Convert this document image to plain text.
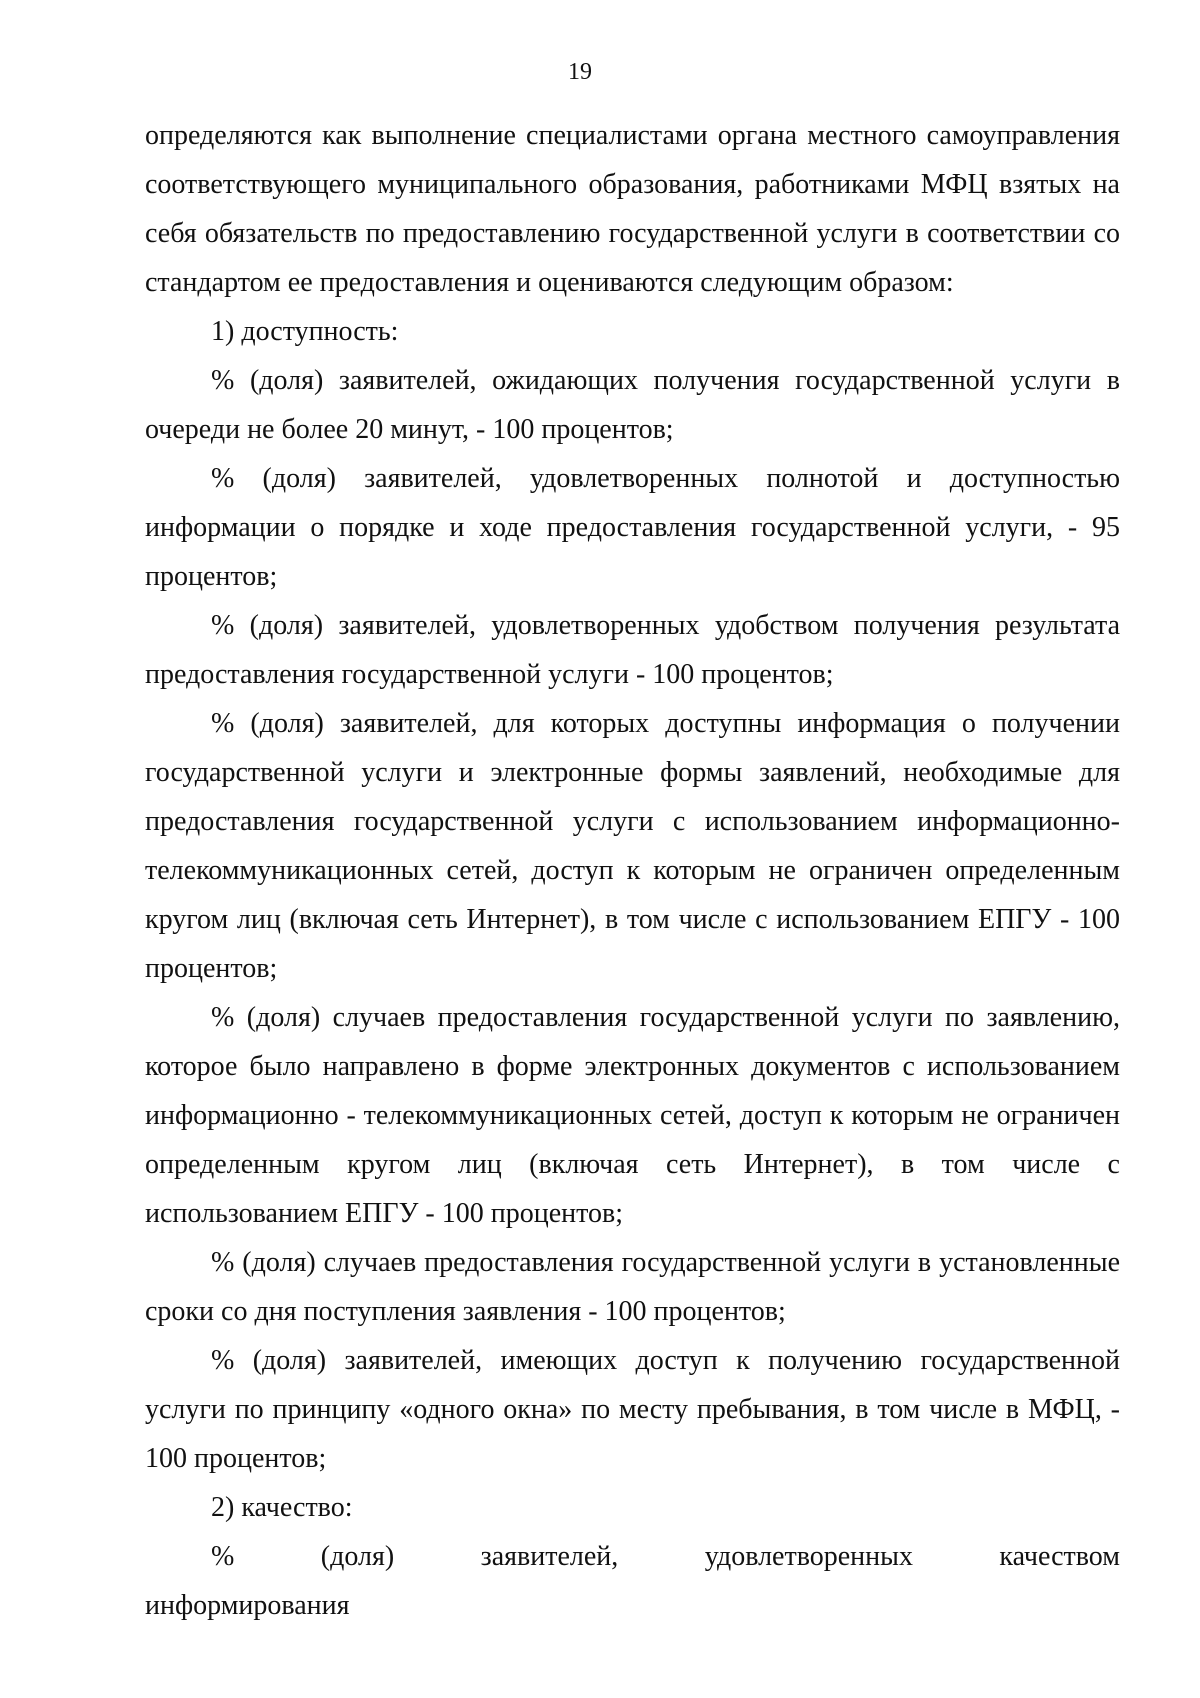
19

определяются как выполнение специалистами органа местного самоуправления соответствующего муниципального образования, работниками МФЦ взятых на себя обязательств по предоставлению государственной услуги в соответствии со стандартом ее предоставления и оцениваются следующим образом:

1) доступность:

% (доля) заявителей, ожидающих получения государственной услуги в очереди не более 20 минут, - 100 процентов;

% (доля) заявителей, удовлетворенных полнотой и доступностью информации о порядке и ходе предоставления государственной услуги, - 95 процентов;

% (доля) заявителей, удовлетворенных удобством получения результата предоставления государственной услуги - 100 процентов;

% (доля) заявителей, для которых доступны информация о получении государственной услуги и электронные формы заявлений, необходимые для предоставления государственной услуги с использованием информационно-телекоммуникационных сетей, доступ к которым не ограничен определенным кругом лиц (включая сеть Интернет), в том числе с использованием ЕПГУ - 100 процентов;

% (доля) случаев предоставления государственной услуги по заявлению, которое было направлено в форме электронных документов с использованием информационно - телекоммуникационных сетей, доступ к которым не ограничен определенным кругом лиц (включая сеть Интернет), в том числе с использованием ЕПГУ - 100 процентов;

% (доля) случаев предоставления государственной услуги в установленные сроки со дня поступления заявления - 100 процентов;

% (доля) заявителей, имеющих доступ к получению государственной услуги по принципу «одного окна» по месту пребывания, в том числе в МФЦ, - 100 процентов;

2) качество:

% (доля) заявителей, удовлетворенных качеством информирования
